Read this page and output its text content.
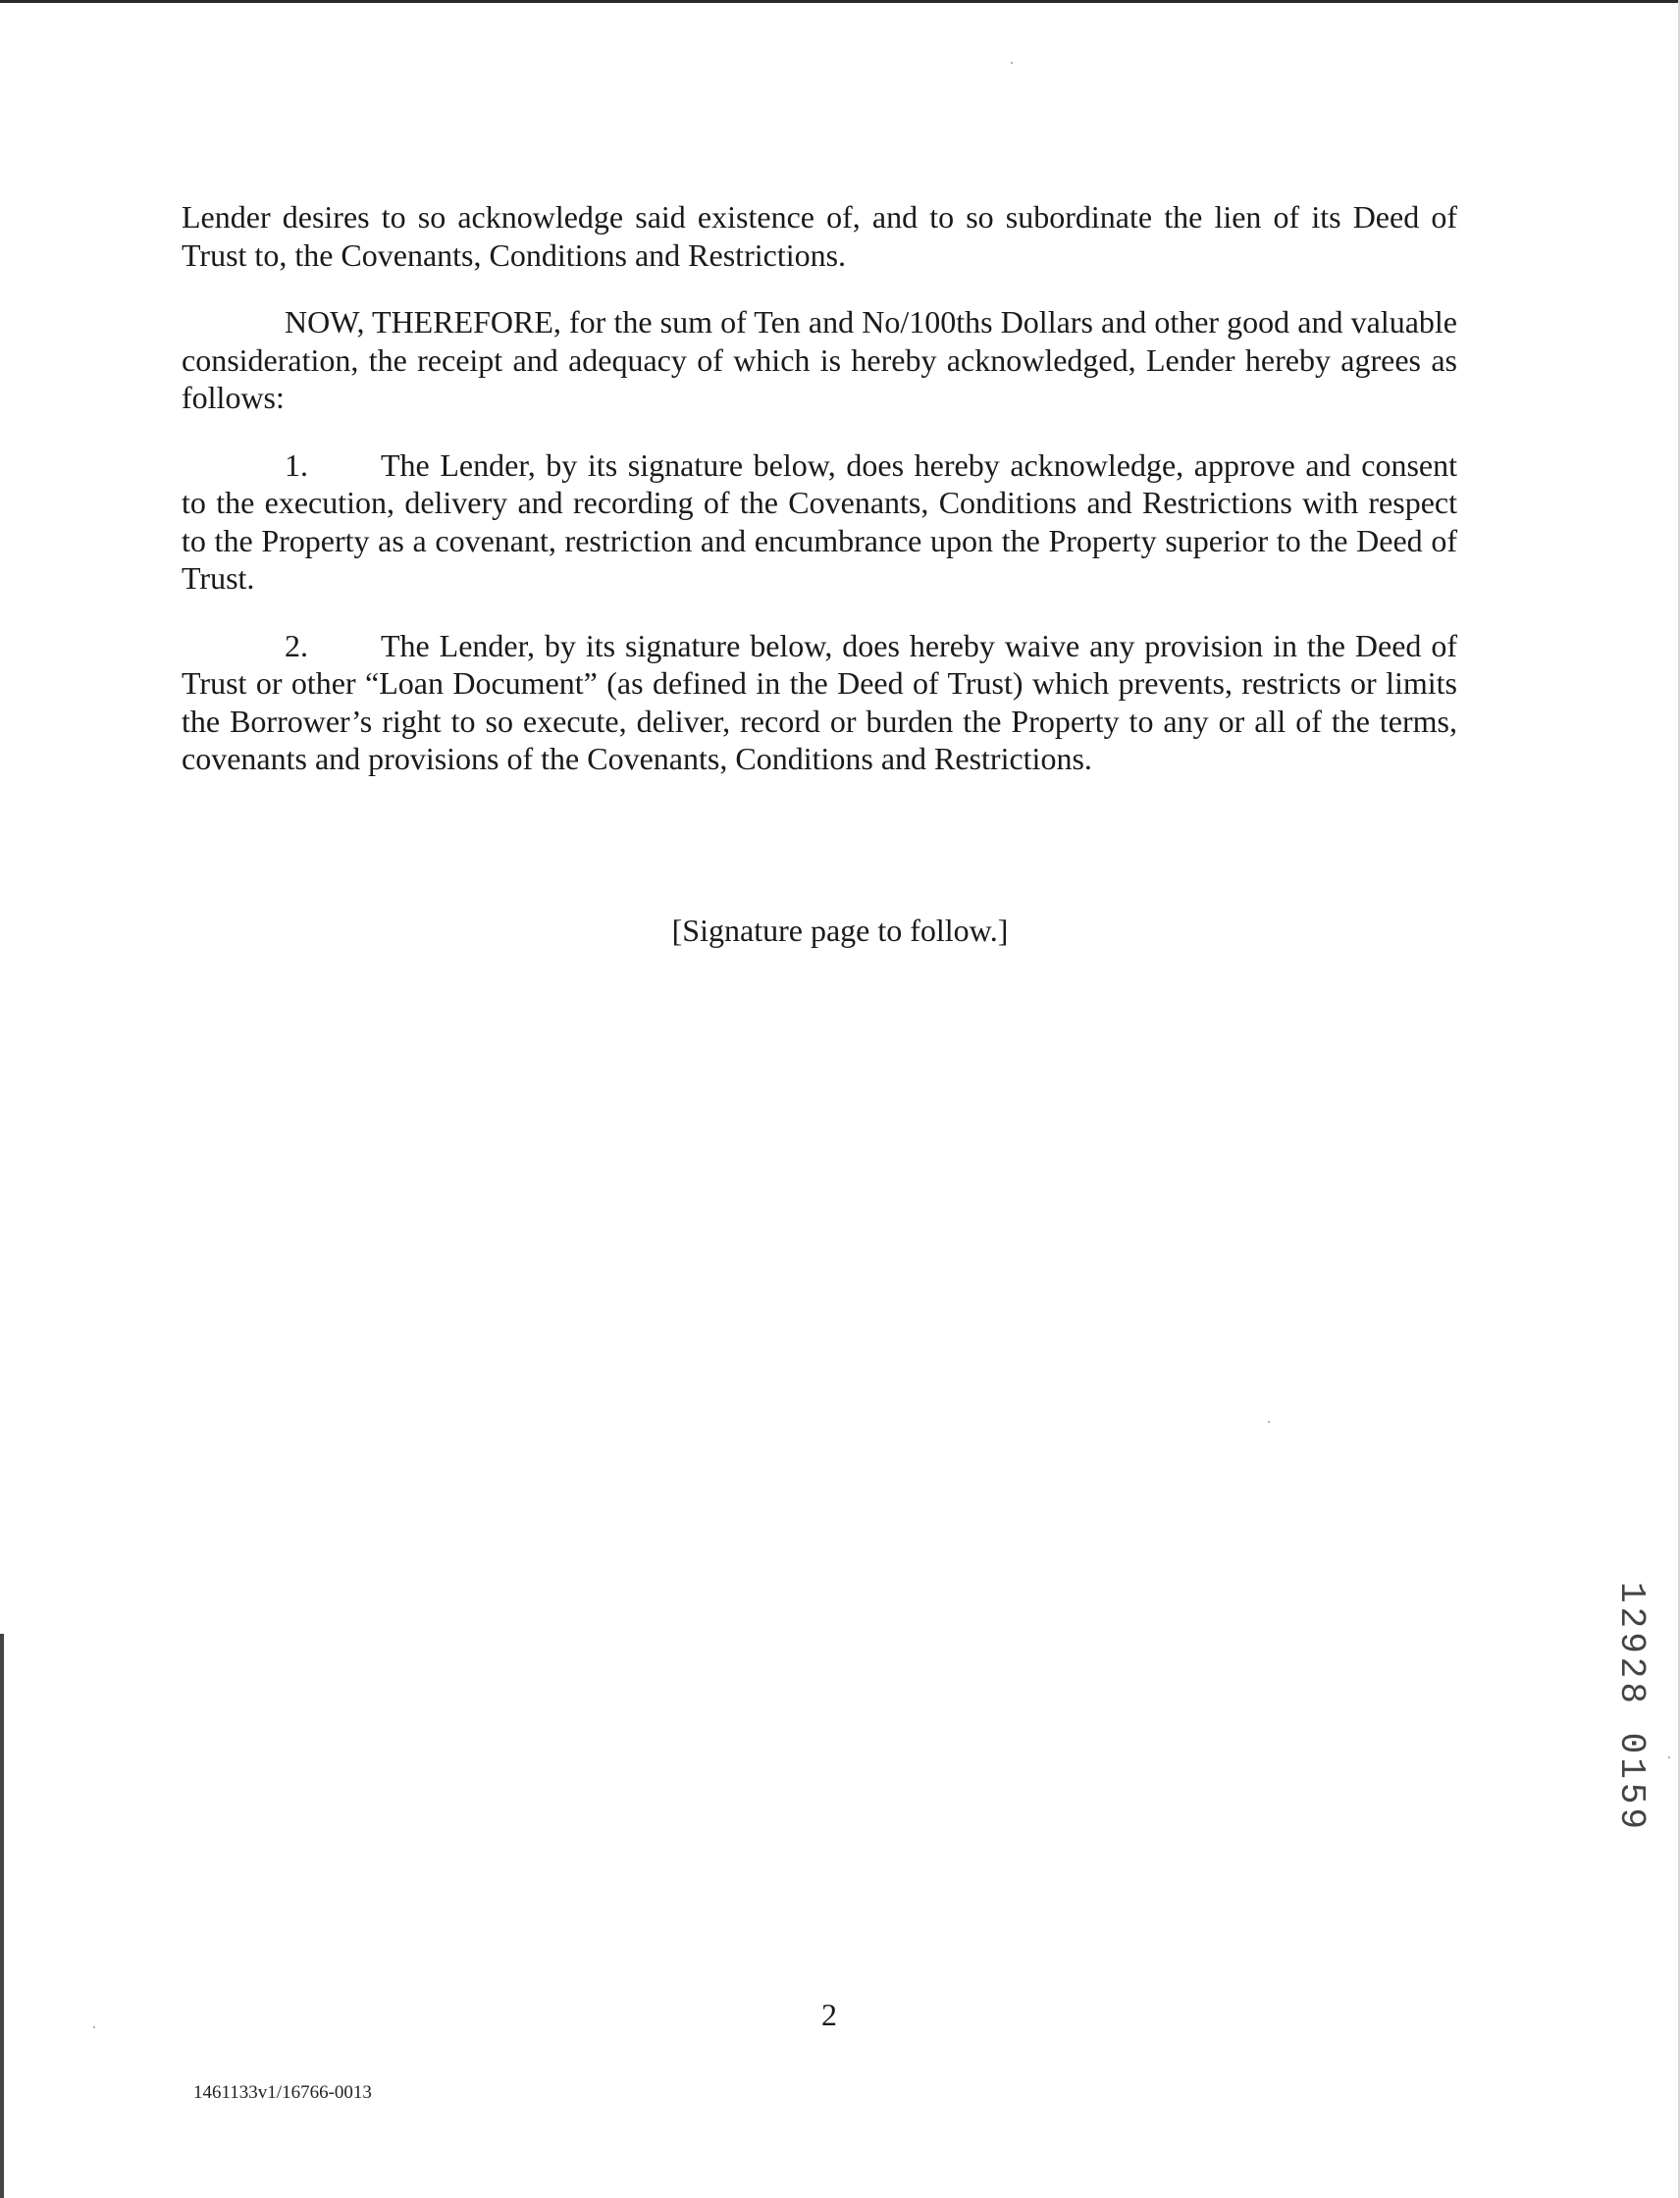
Lender desires to so acknowledge said existence of, and to so subordinate the lien of its Deed of Trust to, the Covenants, Conditions and Restrictions.

NOW, THEREFORE, for the sum of Ten and No/100ths Dollars and other good and valuable consideration, the receipt and adequacy of which is hereby acknowledged, Lender hereby agrees as follows:

1. The Lender, by its signature below, does hereby acknowledge, approve and consent to the execution, delivery and recording of the Covenants, Conditions and Restrictions with respect to the Property as a covenant, restriction and encumbrance upon the Property superior to the Deed of Trust.

2. The Lender, by its signature below, does hereby waive any provision in the Deed of Trust or other “Loan Document” (as defined in the Deed of Trust) which prevents, restricts or limits the Borrower’s right to so execute, deliver, record or burden the Property to any or all of the terms, covenants and provisions of the Covenants, Conditions and Restrictions.

[Signature page to follow.]
12928 0159
2
1461133v1/16766-0013
